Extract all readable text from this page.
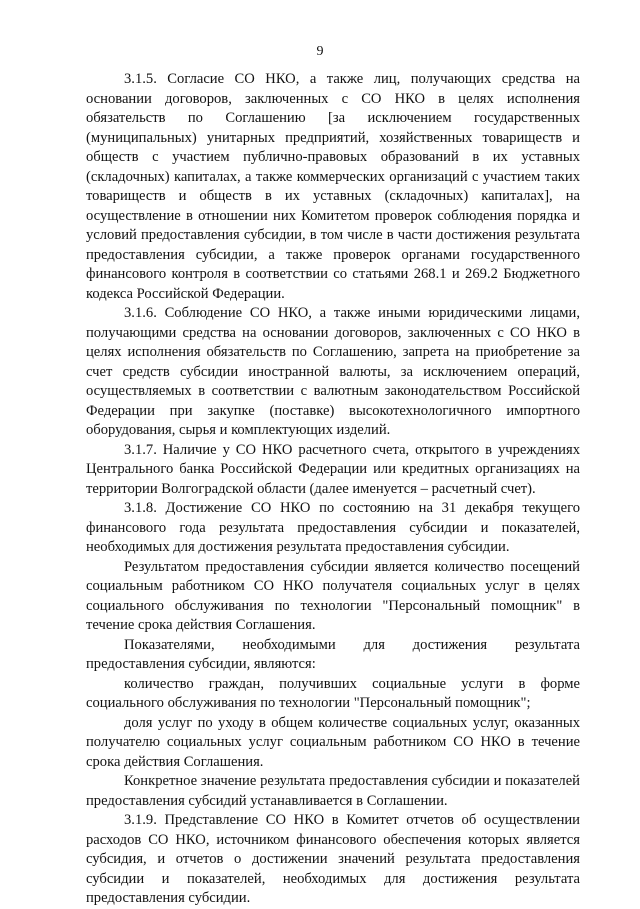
9

3.1.5. Согласие СО НКО, а также лиц, получающих средства на основании договоров, заключенных с СО НКО в целях исполнения обязательств по Соглашению [за исключением государственных (муниципальных) унитарных предприятий, хозяйственных товариществ и обществ с участием публично-правовых образований в их уставных (складочных) капиталах, а также коммерческих организаций с участием таких товариществ и обществ в их уставных (складочных) капиталах], на осуществление в отношении них Комитетом проверок соблюдения порядка и условий предоставления субсидии, в том числе в части достижения результата предоставления субсидии, а также проверок органами государственного финансового контроля в соответствии со статьями 268.1 и 269.2 Бюджетного кодекса Российской Федерации.

3.1.6. Соблюдение СО НКО, а также иными юридическими лицами, получающими средства на основании договоров, заключенных с СО НКО в целях исполнения обязательств по Соглашению, запрета на приобретение за счет средств субсидии иностранной валюты, за исключением операций, осуществляемых в соответствии с валютным законодательством Российской Федерации при закупке (поставке) высокотехнологичного импортного оборудования, сырья и комплектующих изделий.

3.1.7. Наличие у СО НКО расчетного счета, открытого в учреждениях Центрального банка Российской Федерации или кредитных организациях на территории Волгоградской области (далее именуется – расчетный счет).

3.1.8. Достижение СО НКО по состоянию на 31 декабря текущего финансового года результата предоставления субсидии и показателей, необходимых для достижения результата предоставления субсидии.

Результатом предоставления субсидии является количество посещений социальным работником СО НКО получателя социальных услуг в целях социального обслуживания по технологии "Персональный помощник" в течение срока действия Соглашения.

Показателями, необходимыми для достижения результата предоставления субсидии, являются:

количество граждан, получивших социальные услуги в форме социального обслуживания по технологии "Персональный помощник";

доля услуг по уходу в общем количестве социальных услуг, оказанных получателю социальных услуг социальным работником СО НКО в течение срока действия Соглашения.

Конкретное значение результата предоставления субсидии и показателей предоставления субсидий устанавливается в Соглашении.

3.1.9. Представление СО НКО в Комитет отчетов об осуществлении расходов СО НКО, источником финансового обеспечения которых является субсидия, и отчетов о достижении значений результата предоставления субсидии и показателей, необходимых для достижения результата предоставления субсидии.
